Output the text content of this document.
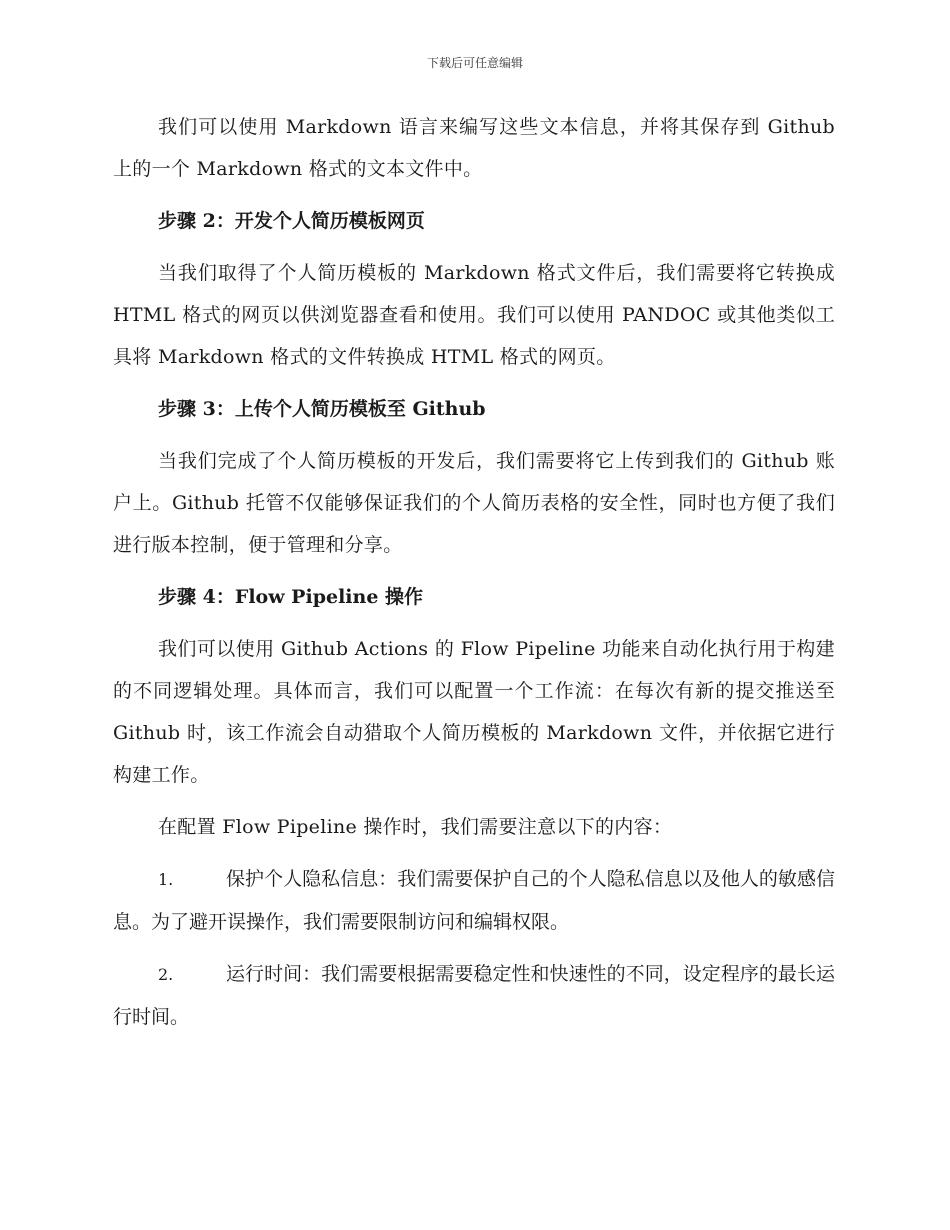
下载后可任意编辑

我们可以使用 Markdown 语言来编写这些文本信息，并将其保存到 Github 上的一个 Markdown 格式的文本文件中。

步骤 2：开发个人简历模板网页

当我们取得了个人简历模板的 Markdown 格式文件后，我们需要将它转换成 HTML 格式的网页以供浏览器查看和使用。我们可以使用 PANDOC 或其他类似工具将 Markdown 格式的文件转换成 HTML 格式的网页。

步骤 3：上传个人简历模板至 Github

当我们完成了个人简历模板的开发后，我们需要将它上传到我们的 Github 账户上。Github 托管不仅能够保证我们的个人简历表格的安全性，同时也方便了我们进行版本控制，便于管理和分享。

步骤 4：Flow Pipeline 操作

我们可以使用 Github Actions 的 Flow Pipeline 功能来自动化执行用于构建的不同逻辑处理。具体而言，我们可以配置一个工作流：在每次有新的提交推送至 Github 时，该工作流会自动猎取个人简历模板的 Markdown 文件，并依据它进行构建工作。

在配置 Flow Pipeline 操作时，我们需要注意以下的内容：

1.	保护个人隐私信息：我们需要保护自己的个人隐私信息以及他人的敏感信息。为了避开误操作，我们需要限制访问和编辑权限。

2.	运行时间：我们需要根据需要稳定性和快速性的不同，设定程序的最长运行时间。
